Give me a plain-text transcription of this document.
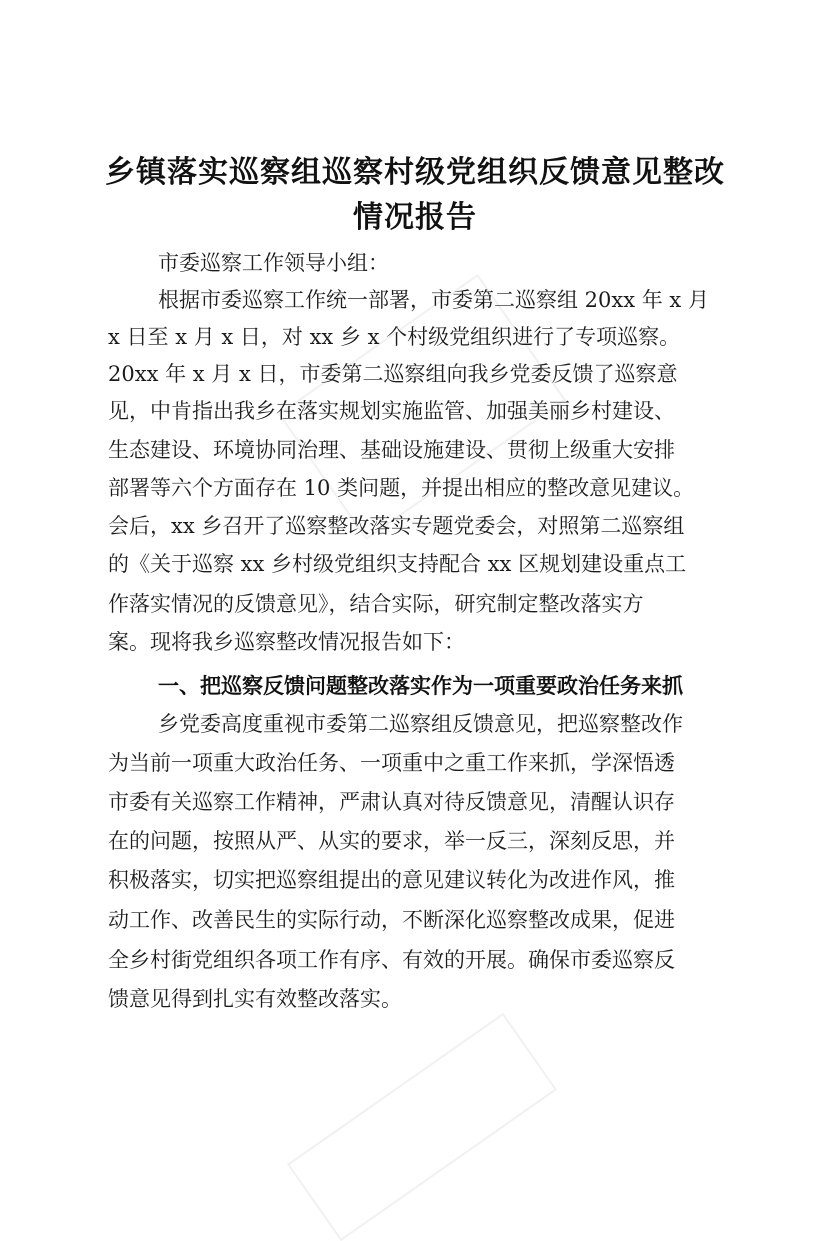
乡镇落实巡察组巡察村级党组织反馈意见整改
情况报告

市委巡察工作领导小组：

根据市委巡察工作统一部署，市委第二巡察组 20xx 年 x 月

x 日至 x 月 x 日，对 xx 乡 x 个村级党组织进行了专项巡察。

20xx 年 x 月 x 日，市委第二巡察组向我乡党委反馈了巡察意

见，中肯指出我乡在落实规划实施监管、加强美丽乡村建设、

生态建设、环境协同治理、基础设施建设、贯彻上级重大安排

部署等六个方面存在 10 类问题，并提出相应的整改意见建议。

会后，xx 乡召开了巡察整改落实专题党委会，对照第二巡察组

的《关于巡察 xx 乡村级党组织支持配合 xx 区规划建设重点工

作落实情况的反馈意见》，结合实际，研究制定整改落实方

案。现将我乡巡察整改情况报告如下：

一、把巡察反馈问题整改落实作为一项重要政治任务来抓

乡党委高度重视市委第二巡察组反馈意见，把巡察整改作

为当前一项重大政治任务、一项重中之重工作来抓，学深悟透

市委有关巡察工作精神，严肃认真对待反馈意见，清醒认识存

在的问题，按照从严、从实的要求，举一反三，深刻反思，并

积极落实，切实把巡察组提出的意见建议转化为改进作风，推

动工作、改善民生的实际行动，不断深化巡察整改成果，促进

全乡村街党组织各项工作有序、有效的开展。确保市委巡察反

馈意见得到扎实有效整改落实。
